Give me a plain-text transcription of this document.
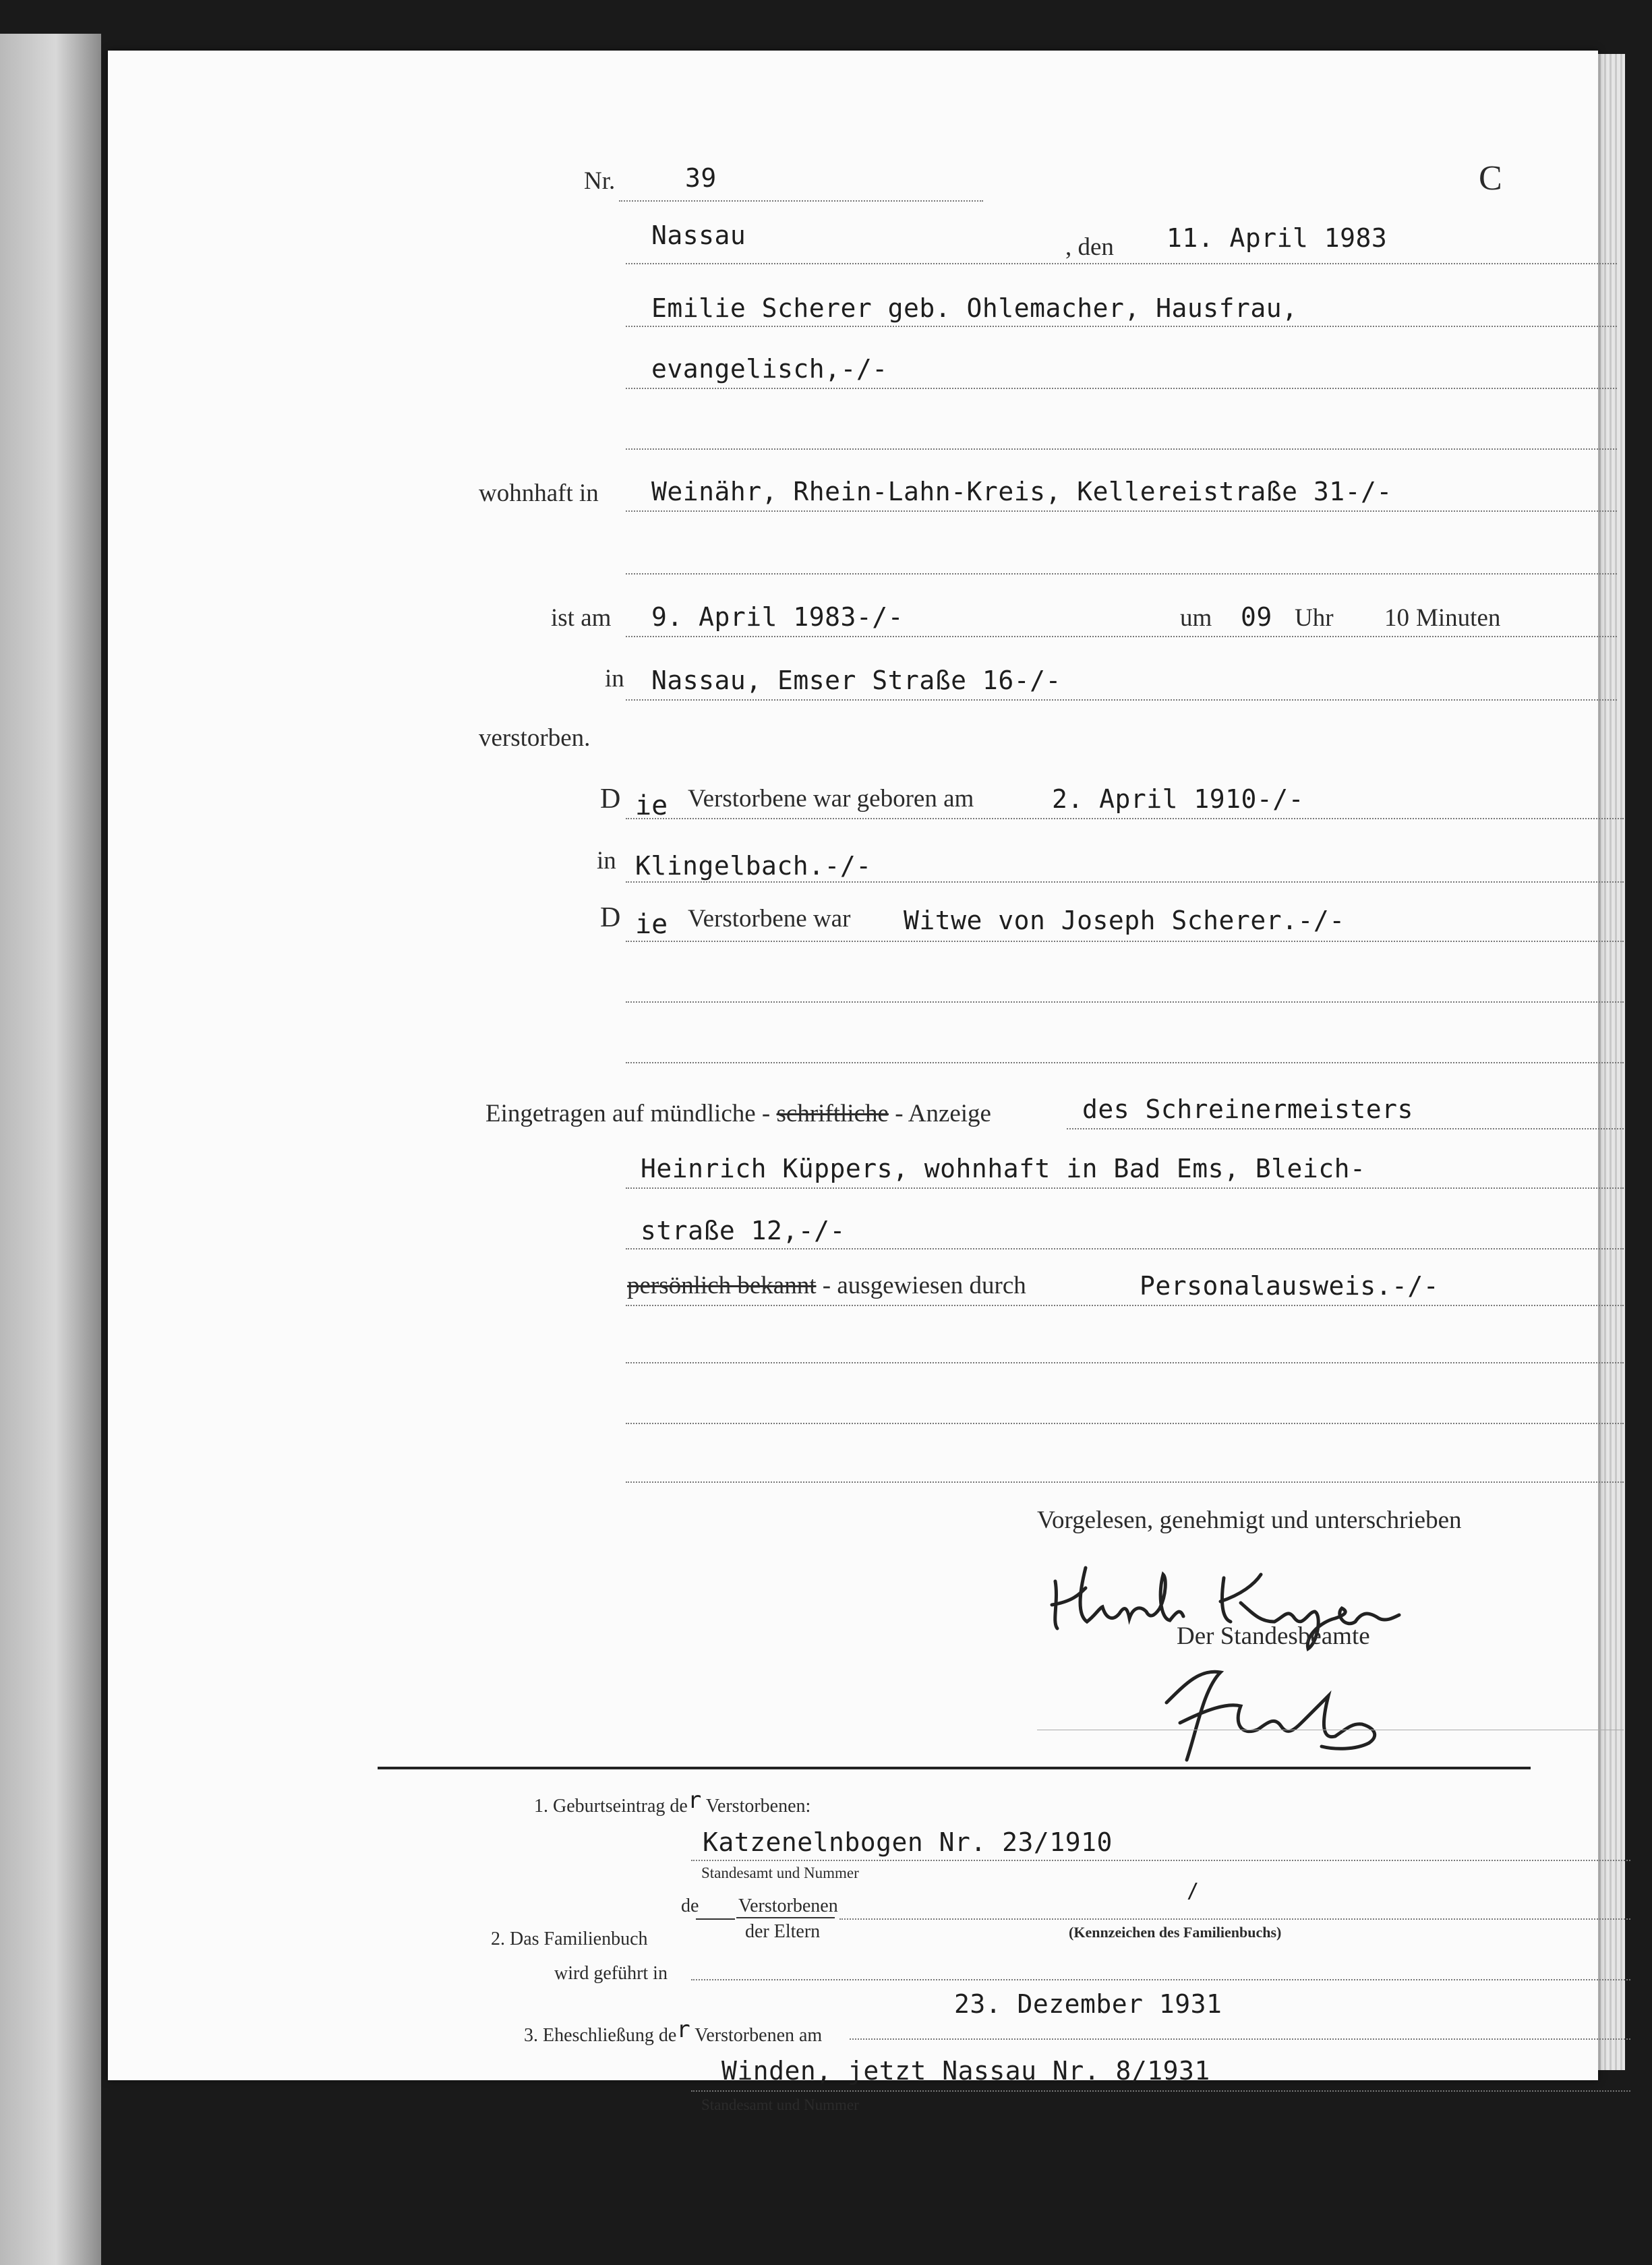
Nr.	39	C
Nassau	, den 11. April 1983
Emilie Scherer geb. Ohlemacher, Hausfrau,
evangelisch,-/-
wohnhaft in Weinähr, Rhein-Lahn-Kreis, Kellereistraße 31-/-
ist am 9. April 1983-/-	um 09 Uhr 10 Minuten
in Nassau, Emser Straße 16-/-
verstorben.
D ie Verstorbene war geboren am	2. April 1910-/-
in Klingelbach.-/-
D ie Verstorbene war Witwe von Joseph Scherer.-/-
Eingetragen auf mündliche - schriftliche - Anzeige	des Schreinermeisters
Heinrich Küppers, wohnhaft in Bad Ems, Bleich-
straße 12,-/-
persönlich bekannt - ausgewiesen durch	Personalausweis.-/-
Vorgelesen, genehmigt und unterschrieben
Der Standesbeamte
1. Geburtseintrag der Verstorbenen:
Katzenelnbogen Nr. 23/1910
Standesamt und Nummer
2. Das Familienbuch
de Verstorbenen
der Eltern
/
(Kennzeichen des Familienbuchs)
wird geführt in
3. Eheschließung der Verstorbenen am
23. Dezember 1931
Winden, jetzt Nassau Nr. 8/1931
Standesamt und Nummer
